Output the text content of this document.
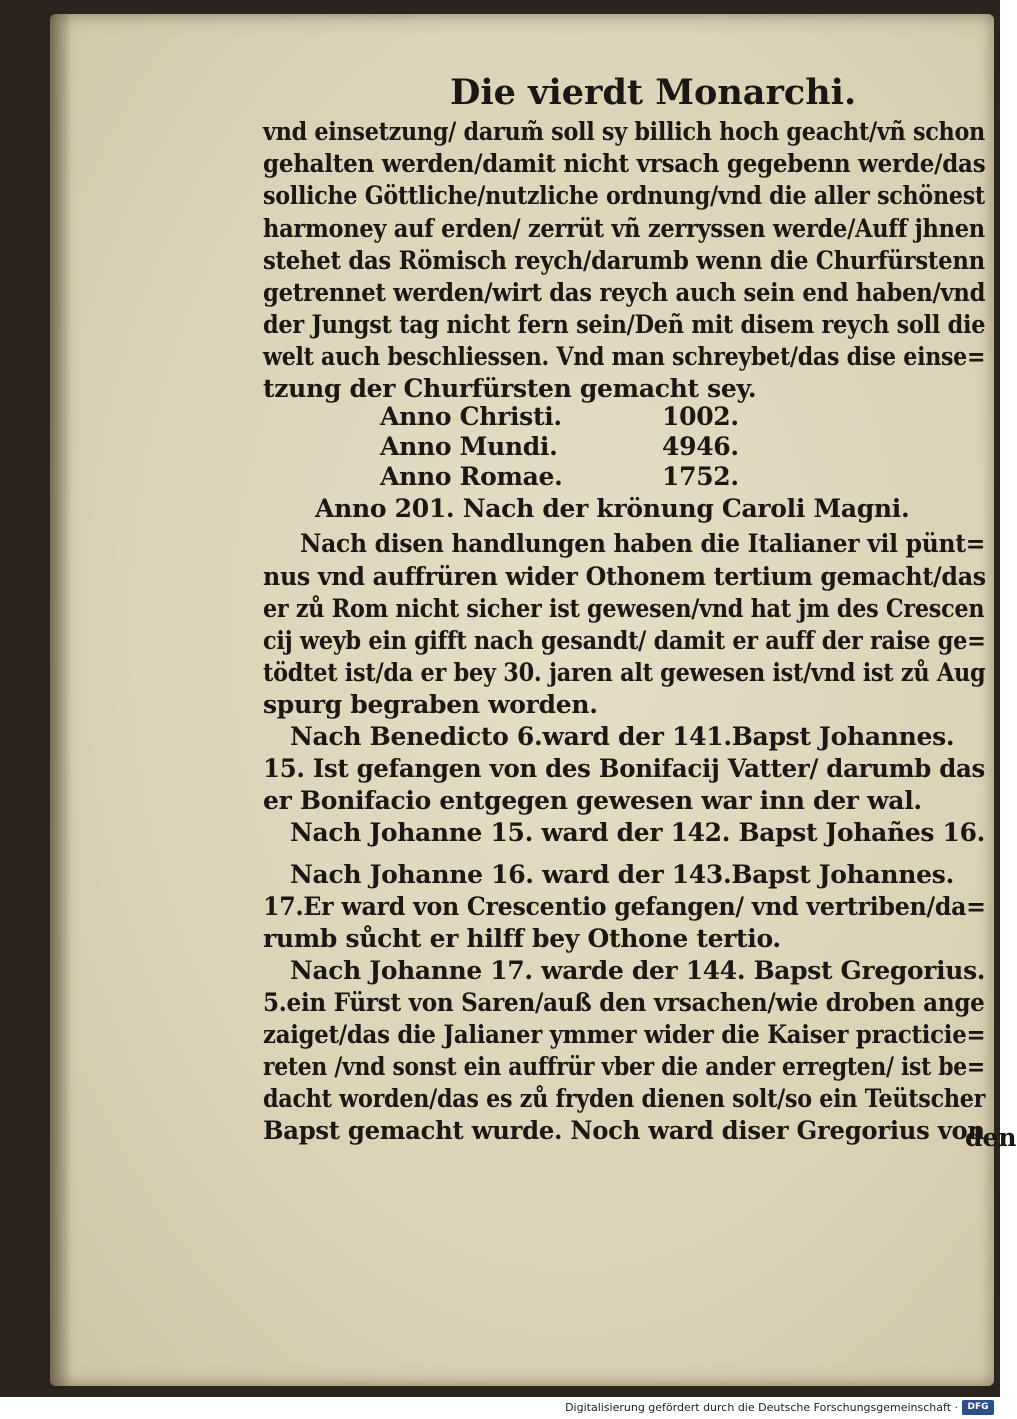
Die vierdt Monarchi.
vnd einsetzung/ darum̃ soll sy billich hoch geacht/vñ schon
gehalten werden/damit nicht vrsach gegebenn werde/das
solliche Göttliche/nutzliche ordnung/vnd die aller schönest
harmoney auf erden/ zerrüt vñ zerryssen werde/Auff jhnen
stehet das Römisch reych/darumb wenn die Churfürstenn
getrennet werden/wirt das reych auch sein end haben/vnd
der Jungst tag nicht fern sein/Deñ mit disem reych soll die
welt auch beschliessen. Vnd man schreybet/das dise einse=
tzung der Churfürsten gemacht sey.
Anno Christi.	1002.
Anno Mundi.	4946.
Anno Romae.	1752.
Anno 201. Nach der krönung Caroli Magni.
Nach disen handlungen haben die Italianer vil pünt=
nus vnd auffrüren wider Othonem tertium gemacht/das
er zů Rom nicht sicher ist gewesen/vnd hat jm des Crescen
cij weyb ein gifft nach gesandt/ damit er auff der raise ge=
tödtet ist/da er bey 30. jaren alt gewesen ist/vnd ist zů Aug
spurg begraben worden.
Nach Benedicto 6.ward der 141.Bapst Johannes.
15. Ist gefangen von des Bonifacij Vatter/ darumb das
er Bonifacio entgegen gewesen war inn der wal.
Nach Johanne 15. ward der 142. Bapst Johañes 16.
Nach Johanne 16. ward der 143.Bapst Johannes.
17.Er ward von Crescentio gefangen/ vnd vertriben/da=
rumb sůcht er hilff bey Othone tertio.
Nach Johanne 17. warde der 144. Bapst Gregorius.
5.ein Fürst von Saren/auß den vrsachen/wie droben ange
zaiget/das die Jalianer ymmer wider die Kaiser practicie=
reten /vnd sonst ein auffrür vber die ander erregten/ ist be=
dacht worden/das es zů fryden dienen solt/so ein Teütscher
Bapst gemacht wurde. Noch ward diser Gregorius von
den
Digitalisierung gefördert durch die Deutsche Forschungsgemeinschaft ·	DFG
